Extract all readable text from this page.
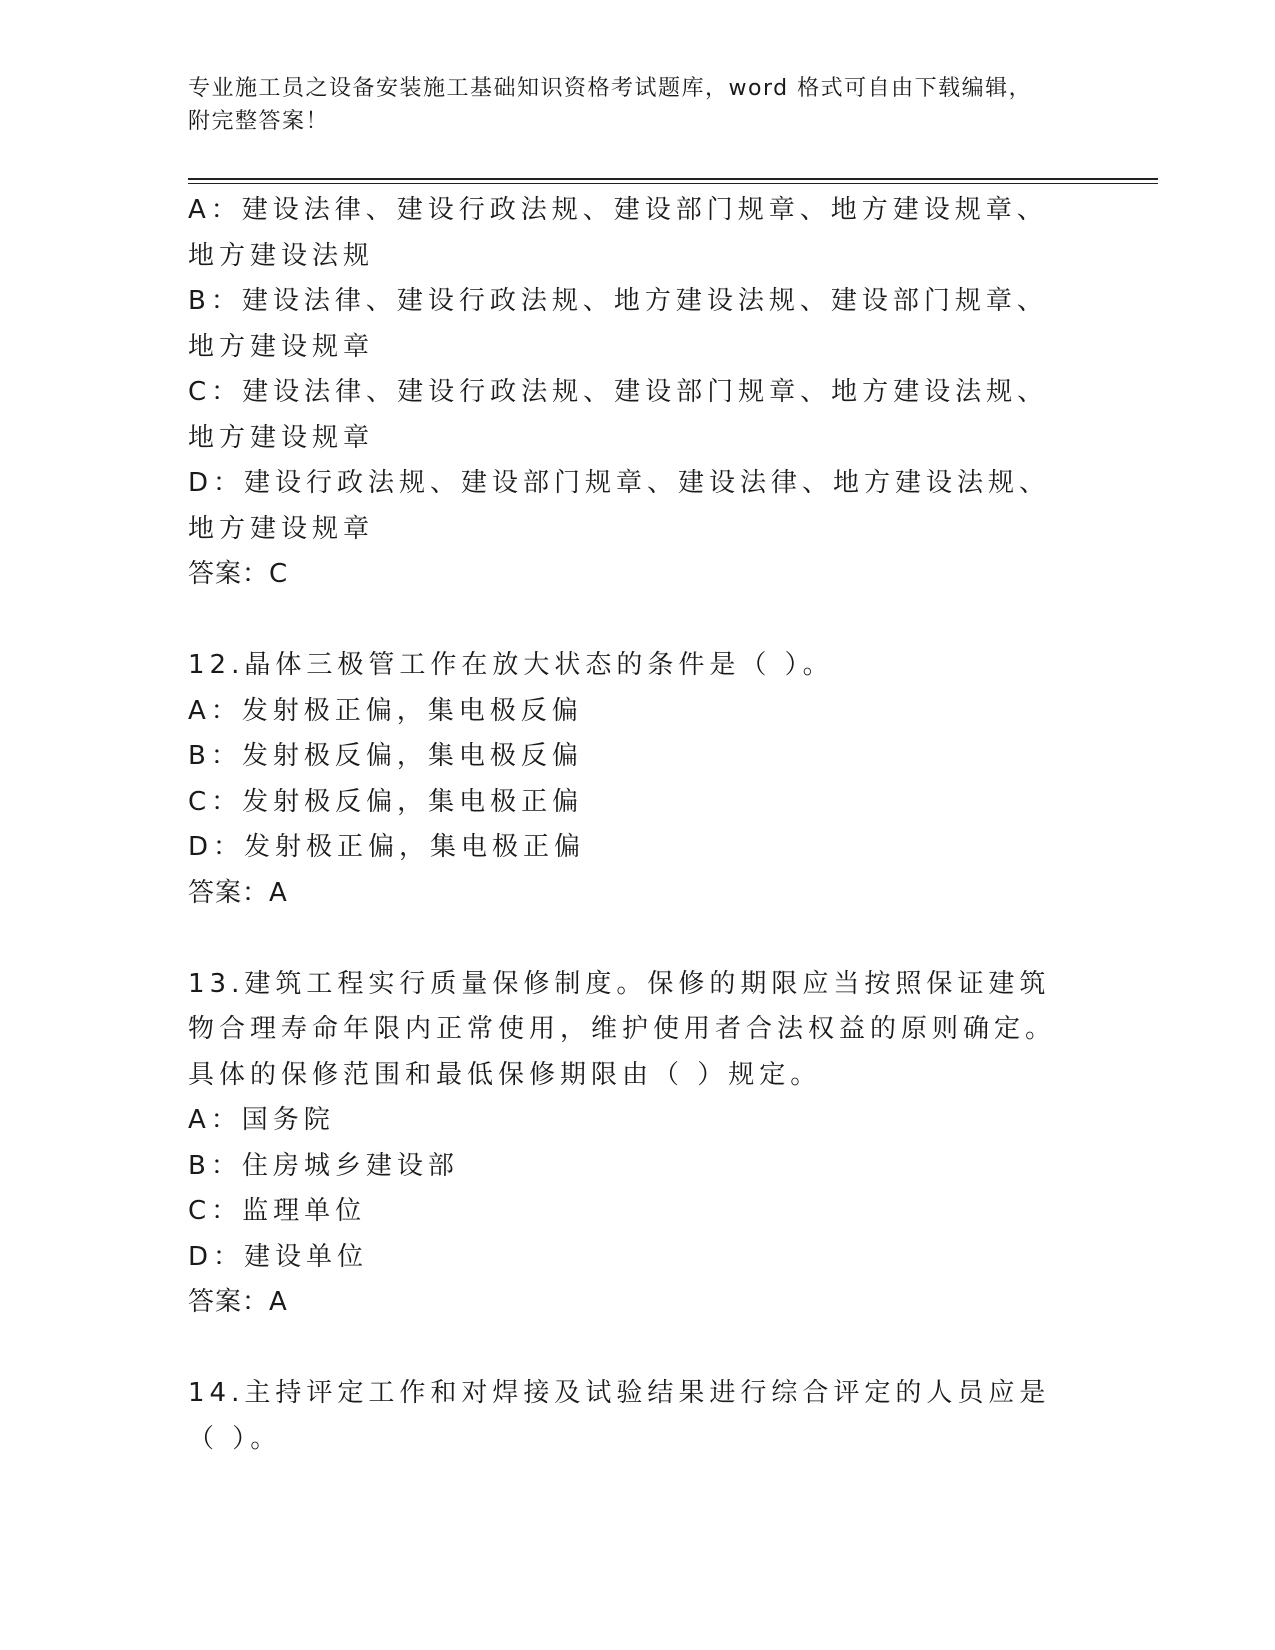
专业施工员之设备安装施工基础知识资格考试题库，word 格式可自由下载编辑，
附完整答案！

A：建设法律、建设行政法规、建设部门规章、地方建设规章、地方建设法规

B：建设法律、建设行政法规、地方建设法规、建设部门规章、地方建设规章

C：建设法律、建设行政法规、建设部门规章、地方建设法规、地方建设规章

D：建设行政法规、建设部门规章、建设法律、地方建设法规、地方建设规章

答案：C

12.晶体三极管工作在放大状态的条件是（ ）。

A：发射极正偏，集电极反偏

B：发射极反偏，集电极反偏

C：发射极反偏，集电极正偏

D：发射极正偏，集电极正偏

答案：A

13.建筑工程实行质量保修制度。保修的期限应当按照保证建筑物合理寿命年限内正常使用，维护使用者合法权益的原则确定。具体的保修范围和最低保修期限由（ ）规定。

A：国务院

B：住房城乡建设部

C：监理单位

D：建设单位

答案：A

14.主持评定工作和对焊接及试验结果进行综合评定的人员应是（ ）。
